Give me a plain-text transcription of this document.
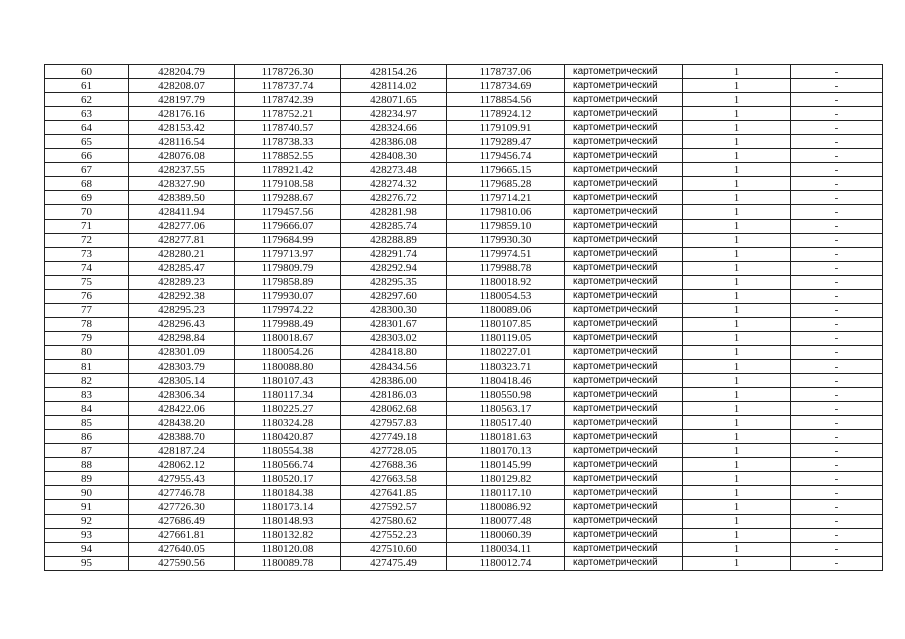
60	428204.79	1178726.30	428154.26	1178737.06	картометрический	1	-
61	428208.07	1178737.74	428114.02	1178734.69	картометрический	1	-
62	428197.79	1178742.39	428071.65	1178854.56	картометрический	1	-
63	428176.16	1178752.21	428234.97	1178924.12	картометрический	1	-
64	428153.42	1178740.57	428324.66	1179109.91	картометрический	1	-
65	428116.54	1178738.33	428386.08	1179289.47	картометрический	1	-
66	428076.08	1178852.55	428408.30	1179456.74	картометрический	1	-
67	428237.55	1178921.42	428273.48	1179665.15	картометрический	1	-
68	428327.90	1179108.58	428274.32	1179685.28	картометрический	1	-
69	428389.50	1179288.67	428276.72	1179714.21	картометрический	1	-
70	428411.94	1179457.56	428281.98	1179810.06	картометрический	1	-
71	428277.06	1179666.07	428285.74	1179859.10	картометрический	1	-
72	428277.81	1179684.99	428288.89	1179930.30	картометрический	1	-
73	428280.21	1179713.97	428291.74	1179974.51	картометрический	1	-
74	428285.47	1179809.79	428292.94	1179988.78	картометрический	1	-
75	428289.23	1179858.89	428295.35	1180018.92	картометрический	1	-
76	428292.38	1179930.07	428297.60	1180054.53	картометрический	1	-
77	428295.23	1179974.22	428300.30	1180089.06	картометрический	1	-
78	428296.43	1179988.49	428301.67	1180107.85	картометрический	1	-
79	428298.84	1180018.67	428303.02	1180119.05	картометрический	1	-
80	428301.09	1180054.26	428418.80	1180227.01	картометрический	1	-
81	428303.79	1180088.80	428434.56	1180323.71	картометрический	1	-
82	428305.14	1180107.43	428386.00	1180418.46	картометрический	1	-
83	428306.34	1180117.34	428186.03	1180550.98	картометрический	1	-
84	428422.06	1180225.27	428062.68	1180563.17	картометрический	1	-
85	428438.20	1180324.28	427957.83	1180517.40	картометрический	1	-
86	428388.70	1180420.87	427749.18	1180181.63	картометрический	1	-
87	428187.24	1180554.38	427728.05	1180170.13	картометрический	1	-
88	428062.12	1180566.74	427688.36	1180145.99	картометрический	1	-
89	427955.43	1180520.17	427663.58	1180129.82	картометрический	1	-
90	427746.78	1180184.38	427641.85	1180117.10	картометрический	1	-
91	427726.30	1180173.14	427592.57	1180086.92	картометрический	1	-
92	427686.49	1180148.93	427580.62	1180077.48	картометрический	1	-
93	427661.81	1180132.82	427552.23	1180060.39	картометрический	1	-
94	427640.05	1180120.08	427510.60	1180034.11	картометрический	1	-
95	427590.56	1180089.78	427475.49	1180012.74	картометрический	1	-
